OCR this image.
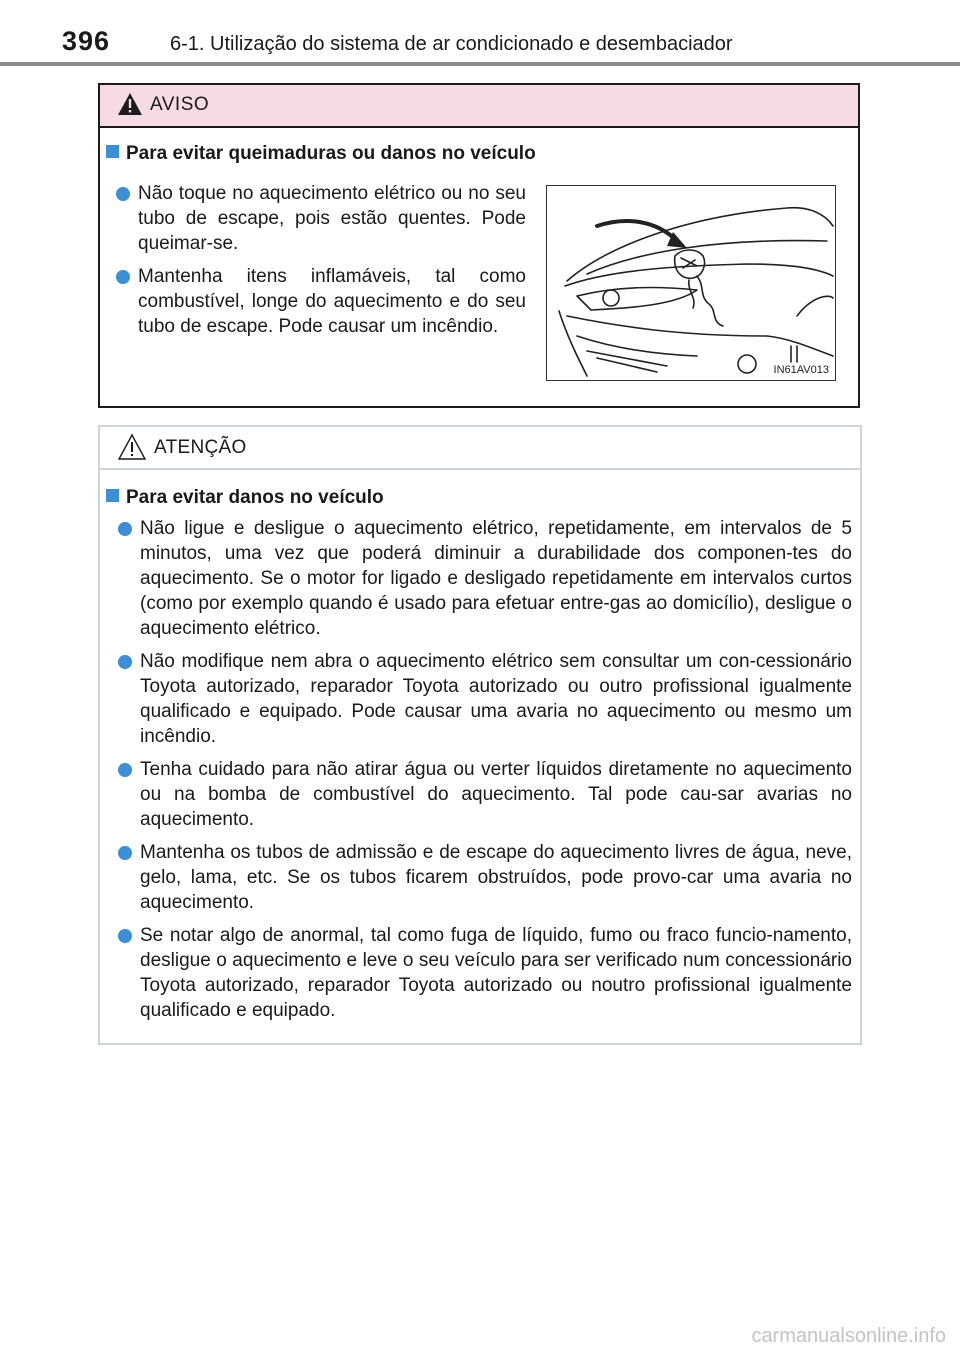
396	6-1. Utilização do sistema de ar condicionado e desembaciador
AVISO
Para evitar queimaduras ou danos no veículo
Não toque no aquecimento elétrico ou no seu tubo de escape, pois estão quentes. Pode queimar-se.
Mantenha itens inflamáveis, tal como combustível, longe do aquecimento e do seu tubo de escape. Pode causar um incêndio.
IN61AV013
ATENÇÃO
Para evitar danos no veículo
Não ligue e desligue o aquecimento elétrico, repetidamente, em intervalos de 5 minutos, uma vez que poderá diminuir a durabilidade dos componen-tes do aquecimento. Se o motor for ligado e desligado repetidamente em intervalos curtos (como por exemplo quando é usado para efetuar entre-gas ao domicílio), desligue o aquecimento elétrico.
Não modifique nem abra o aquecimento elétrico sem consultar um con-cessionário Toyota autorizado, reparador Toyota autorizado ou outro profissional igualmente qualificado e equipado. Pode causar uma avaria no aquecimento ou mesmo um incêndio.
Tenha cuidado para não atirar água ou verter líquidos diretamente no aquecimento ou na bomba de combustível do aquecimento. Tal pode cau-sar avarias no aquecimento.
Mantenha os tubos de admissão e de escape do aquecimento livres de água, neve, gelo, lama, etc. Se os tubos ficarem obstruídos, pode provo-car uma avaria no aquecimento.
Se notar algo de anormal, tal como fuga de líquido, fumo ou fraco funcio-namento, desligue o aquecimento e leve o seu veículo para ser verificado num concessionário Toyota autorizado, reparador Toyota autorizado ou noutro profissional igualmente qualificado e equipado.
carmanualsonline.info
